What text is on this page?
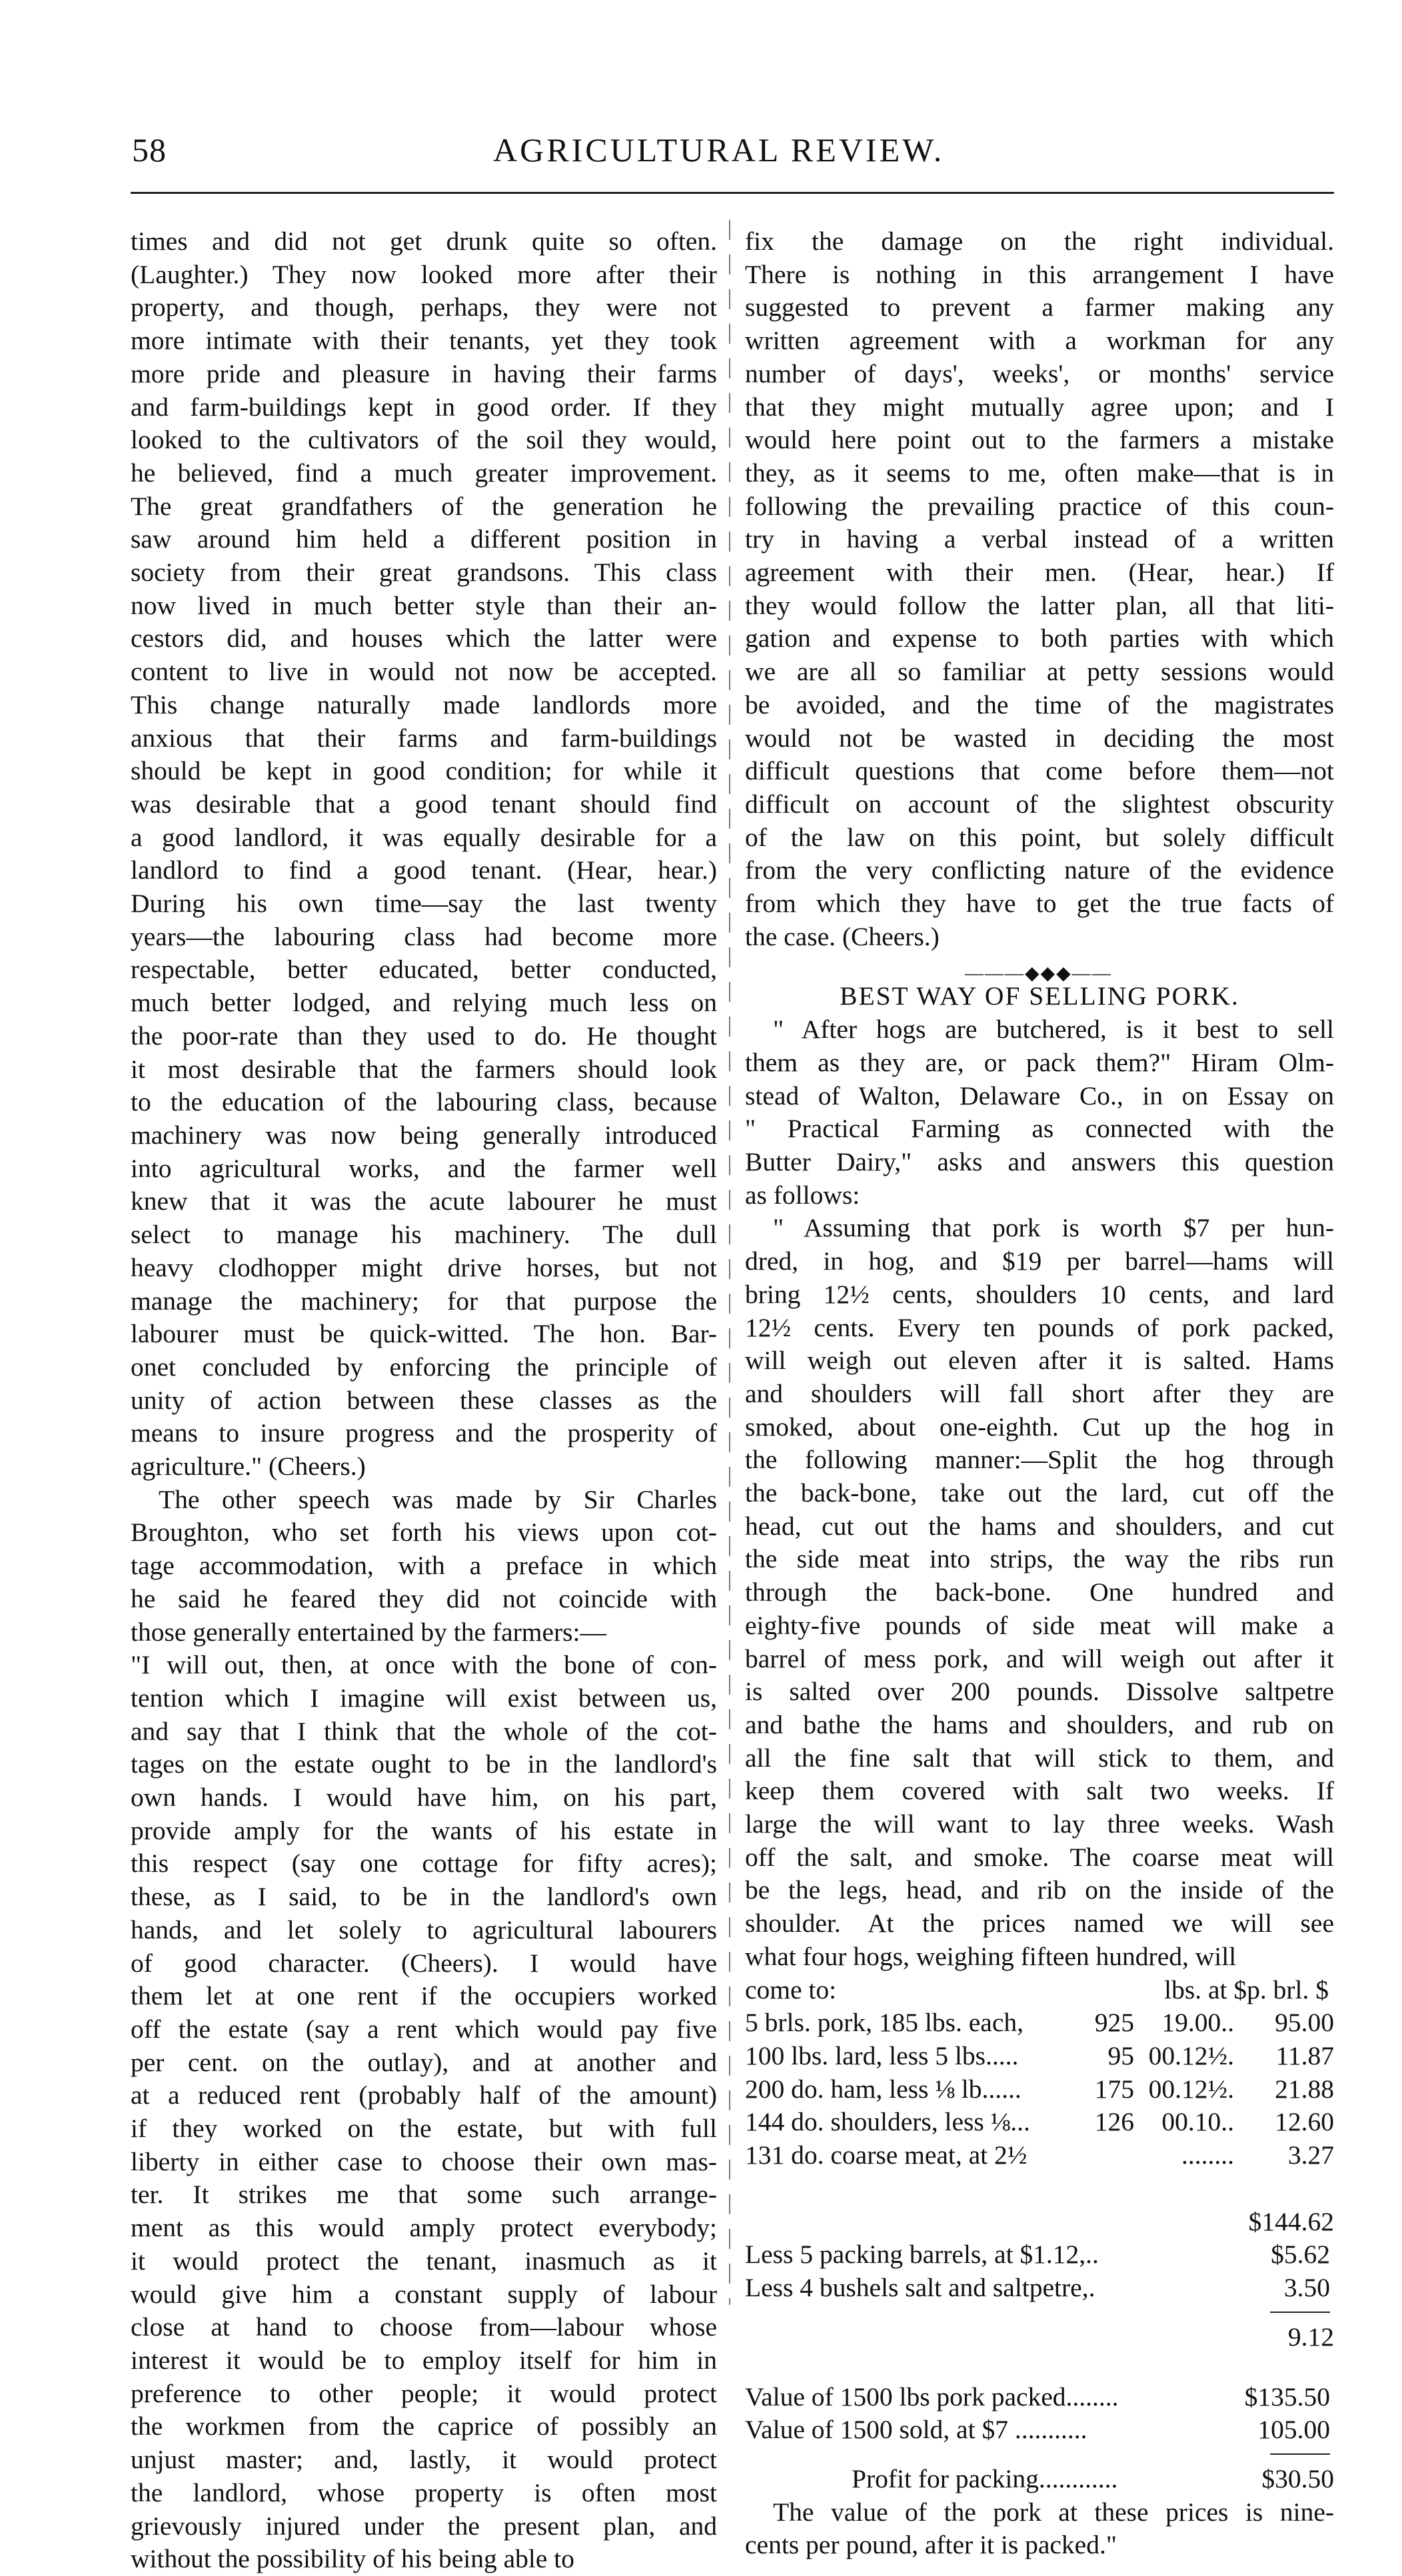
58	AGRICULTURAL REVIEW.
times and did not get drunk quite so often.
(Laughter.) They now looked more after their
property, and though, perhaps, they were not
more intimate with their tenants, yet they took
more pride and pleasure in having their farms
and farm-buildings kept in good order. If they
looked to the cultivators of the soil they would,
he believed, find a much greater improvement.
The great grandfathers of the generation he
saw around him held a different position in
society from their great grandsons. This class
now lived in much better style than their an-
cestors did, and houses which the latter were
content to live in would not now be accepted.
This change naturally made landlords more
anxious that their farms and farm-buildings
should be kept in good condition; for while it
was desirable that a good tenant should find
a good landlord, it was equally desirable for a
landlord to find a good tenant. (Hear, hear.)
During his own time—say the last twenty
years—the labouring class had become more
respectable, better educated, better conducted,
much better lodged, and relying much less on
the poor-rate than they used to do. He thought
it most desirable that the farmers should look
to the education of the labouring class, because
machinery was now being generally introduced
into agricultural works, and the farmer well
knew that it was the acute labourer he must
select to manage his machinery. The dull
heavy clodhopper might drive horses, but not
manage the machinery; for that purpose the
labourer must be quick-witted. The hon. Bar-
onet concluded by enforcing the principle of
unity of action between these classes as the
means to insure progress and the prosperity of
agriculture." (Cheers.)
The other speech was made by Sir Charles
Broughton, who set forth his views upon cot-
tage accommodation, with a preface in which
he said he feared they did not coincide with
those generally entertained by the farmers:—
"I will out, then, at once with the bone of con-
tention which I imagine will exist between us,
and say that I think that the whole of the cot-
tages on the estate ought to be in the landlord's
own hands. I would have him, on his part,
provide amply for the wants of his estate in
this respect (say one cottage for fifty acres);
these, as I said, to be in the landlord's own
hands, and let solely to agricultural labourers
of good character. (Cheers). I would have
them let at one rent if the occupiers worked
off the estate (say a rent which would pay five
per cent. on the outlay), and at another and
at a reduced rent (probably half of the amount)
if they worked on the estate, but with full
liberty in either case to choose their own mas-
ter. It strikes me that some such arrange-
ment as this would amply protect everybody;
it would protect the tenant, inasmuch as it
would give him a constant supply of labour
close at hand to choose from—labour whose
interest it would be to employ itself for him in
preference to other people; it would protect
the workmen from the caprice of possibly an
unjust master; and, lastly, it would protect
the landlord, whose property is often most
grievously injured under the present plan, and
without the possibility of his being able to
fix the damage on the right individual.
There is nothing in this arrangement I have
suggested to prevent a farmer making any
written agreement with a workman for any
number of days', weeks', or months' service
that they might mutually agree upon; and I
would here point out to the farmers a mistake
they, as it seems to me, often make—that is in
following the prevailing practice of this coun-
try in having a verbal instead of a written
agreement with their men. (Hear, hear.) If
they would follow the latter plan, all that liti-
gation and expense to both parties with which
we are all so familiar at petty sessions would
be avoided, and the time of the magistrates
would not be wasted in deciding the most
difficult questions that come before them—not
difficult on account of the slightest obscurity
of the law on this point, but solely difficult
from the very conflicting nature of the evidence
from which they have to get the true facts of
the case. (Cheers.)
———◆◆◆——
BEST WAY OF SELLING PORK.
" After hogs are butchered, is it best to sell
them as they are, or pack them?" Hiram Olm-
stead of Walton, Delaware Co., in on Essay on
" Practical Farming as connected with the
Butter Dairy," asks and answers this question
as follows:
" Assuming that pork is worth $7 per hun-
dred, in hog, and $19 per barrel—hams will
bring 12½ cents, shoulders 10 cents, and lard
12½ cents. Every ten pounds of pork packed,
will weigh out eleven after it is salted. Hams
and shoulders will fall short after they are
smoked, about one-eighth. Cut up the hog in
the following manner:—Split the hog through
the back-bone, take out the lard, cut off the
head, cut out the hams and shoulders, and cut
the side meat into strips, the way the ribs run
through the back-bone. One hundred and
eighty-five pounds of side meat will make a
barrel of mess pork, and will weigh out after it
is salted over 200 pounds. Dissolve saltpetre
and bathe the hams and shoulders, and rub on
all the fine salt that will stick to them, and
keep them covered with salt two weeks. If
large the will want to lay three weeks. Wash
off the salt, and smoke. The coarse meat will
be the legs, head, and rib on the inside of the
shoulder. At the prices named we will see
what four hogs, weighing fifteen hundred, will
come to:	lbs. at $p. brl. $
5 brls. pork, 185 lbs. each,	925	19.00..	95.00
100 lbs. lard, less 5 lbs.....	95 00.12½.	11.87
200 do. ham, less ⅛ lb......	175 00.12½.	21.88
144 do. shoulders, less ⅛...	126	00.10..	12.60
131 do. coarse meat, at 2½	........	3.27
$144.62
Less 5 packing barrels, at $1.12,..	$5.62
Less 4 bushels salt and saltpetre,.	3.50
9.12
Value of 1500 lbs pork packed........	$135.50
Value of 1500 sold, at $7 ...........	105.00
Profit for packing............	$30.50
The value of the pork at these prices is nine-
cents per pound, after it is packed."
